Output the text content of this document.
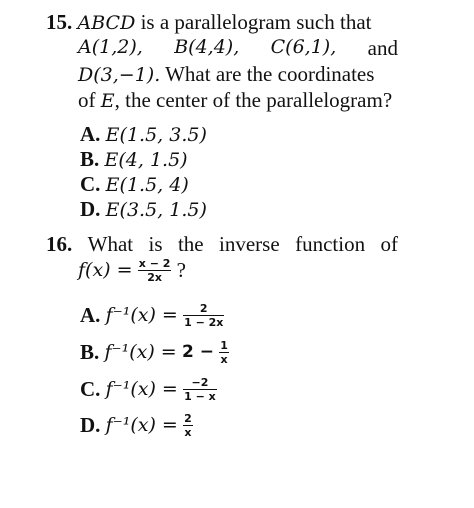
15. ABCD is a parallelogram such that
A(1,2), B(4,4), C(6,1), and
D(3,−1). What are the coordinates
of E, the center of the parallelogram?
A. E(1.5, 3.5)
B. E(4, 1.5)
C. E(1.5, 4)
D. E(3.5, 1.5)
16. What is the inverse function of
$f(x) = \frac{x - 2}{2x}$ ?
A. $f^{-1}(x) = \frac{2}{1 - 2x}$
B. $f^{-1}(x) = 2 - \frac{1}{x}$
C. $f^{-1}(x) = \frac{-2}{1 - x}$
D. $f^{-1}(x) = \frac{2}{x}$
